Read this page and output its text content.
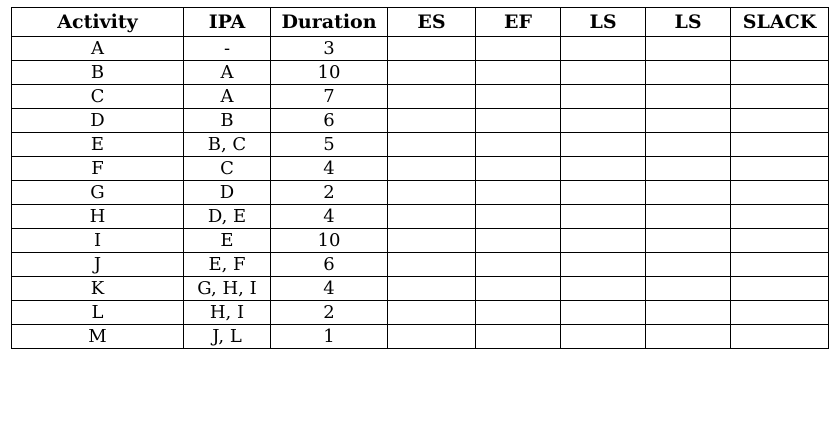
Activity	IPA	Duration	ES	EF	LS	LS	SLACK
A	-	3					
B	A	10					
C	A	7					
D	B	6					
E	B, C	5					
F	C	4					
G	D	2					
H	D, E	4					
I	E	10					
J	E, F	6					
K	G, H, I	4					
L	H, I	2					
M	J, L	1					
